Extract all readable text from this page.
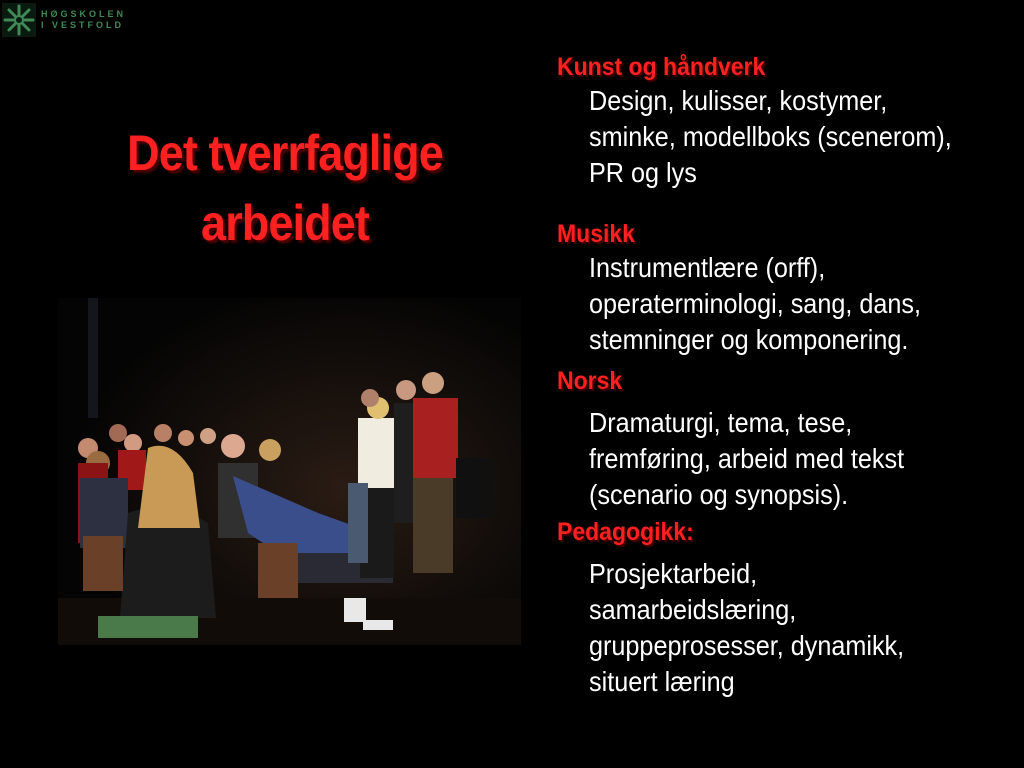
HØGSKOLEN
I VESTFOLD
Det tverrfaglige
arbeidet
Kunst og håndverk
Design, kulisser, kostymer,
sminke, modellboks (scenerom),
PR og lys
Musikk
Instrumentlære (orff),
operaterminologi, sang, dans,
stemninger og komponering.
Norsk
Dramaturgi, tema, tese,
fremføring, arbeid med tekst
(scenario og synopsis).
Pedagogikk:
Prosjektarbeid,
samarbeidslæring,
gruppeprosesser, dynamikk,
situert læring
